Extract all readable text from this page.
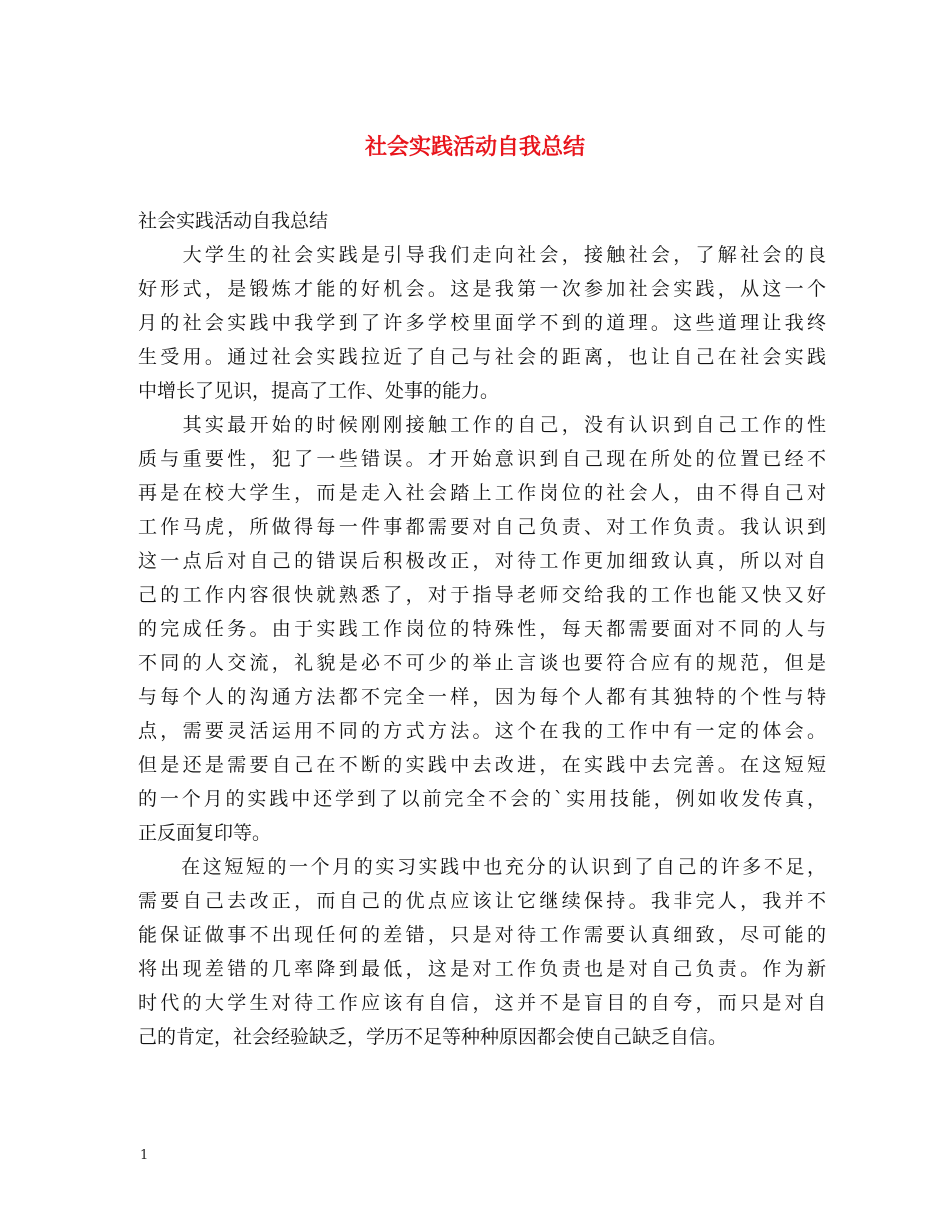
社会实践活动自我总结

社会实践活动自我总结

　　大学生的社会实践是引导我们走向社会，接触社会，了解社会的良
好形式，是锻炼才能的好机会。这是我第一次参加社会实践，从这一个
月的社会实践中我学到了许多学校里面学不到的道理。这些道理让我终
生受用。通过社会实践拉近了自己与社会的距离，也让自己在社会实践
中增长了见识，提高了工作、处事的能力。
　　其实最开始的时候刚刚接触工作的自己，没有认识到自己工作的性
质与重要性，犯了一些错误。才开始意识到自己现在所处的位置已经不
再是在校大学生，而是走入社会踏上工作岗位的社会人，由不得自己对
工作马虎，所做得每一件事都需要对自己负责、对工作负责。我认识到
这一点后对自己的错误后积极改正，对待工作更加细致认真，所以对自
己的工作内容很快就熟悉了，对于指导老师交给我的工作也能又快又好
的完成任务。由于实践工作岗位的特殊性，每天都需要面对不同的人与
不同的人交流，礼貌是必不可少的举止言谈也要符合应有的规范，但是
与每个人的沟通方法都不完全一样，因为每个人都有其独特的个性与特
点，需要灵活运用不同的方式方法。这个在我的工作中有一定的体会。
但是还是需要自己在不断的实践中去改进，在实践中去完善。在这短短
的一个月的实践中还学到了以前完全不会的`实用技能，例如收发传真，
正反面复印等。
　　在这短短的一个月的实习实践中也充分的认识到了自己的许多不足，
需要自己去改正，而自己的优点应该让它继续保持。我非完人，我并不
能保证做事不出现任何的差错，只是对待工作需要认真细致，尽可能的
将出现差错的几率降到最低，这是对工作负责也是对自己负责。作为新
时代的大学生对待工作应该有自信，这并不是盲目的自夸，而只是对自
己的肯定，社会经验缺乏，学历不足等种种原因都会使自己缺乏自信。
1
